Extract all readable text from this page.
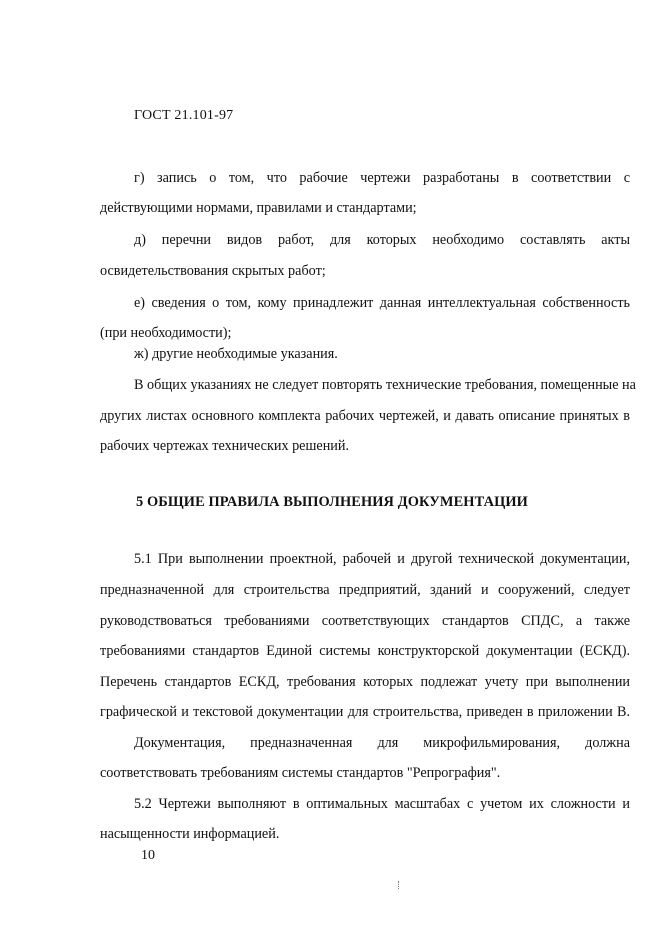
ГОСТ 21.101-97
г) запись о том, что рабочие чертежи разработаны в соответствии с
действующими нормами, правилами и стандартами;
д) перечни видов работ, для которых необходимо составлять акты
освидетельствования скрытых работ;
е) сведения о том, кому принадлежит данная интеллектуальная собственность
(при необходимости);
ж) другие необходимые указания.
В общих указаниях не следует повторять технические требования, помещенные на
других листах основного комплекта рабочих чертежей, и давать описание принятых в
рабочих чертежах технических решений.
5 ОБЩИЕ ПРАВИЛА ВЫПОЛНЕНИЯ ДОКУМЕНТАЦИИ
5.1 При выполнении проектной, рабочей и другой технической документации,
предназначенной для строительства предприятий, зданий и сооружений, следует
руководствоваться требованиями соответствующих стандартов СПДС, а также
требованиями стандартов Единой системы конструкторской документации (ЕСКД).
Перечень стандартов ЕСКД, требования которых подлежат учету при выполнении
графической и текстовой документации для строительства, приведен в приложении В.
Документация, предназначенная для микрофильмирования, должна
соответствовать требованиям системы стандартов "Репрография".
5.2 Чертежи выполняют в оптимальных масштабах с учетом их сложности и
насыщенности информацией.
10
